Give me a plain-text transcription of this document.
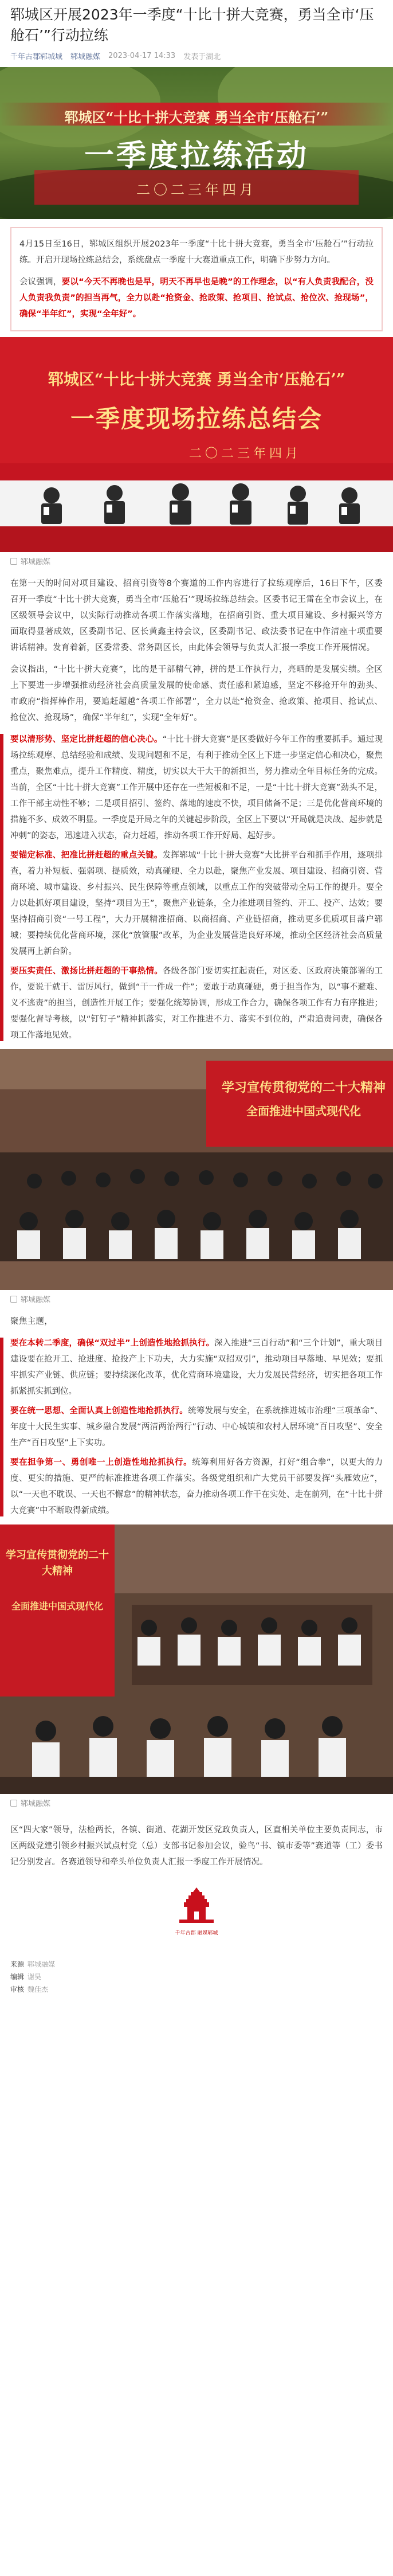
郓城区开展2023年一季度“十比十拼大竞赛，勇当全市‘压舱石’”行动拉练
千年古郡郓城城 郓城融媒 2023-04-17 14:33 发表于湖北
郓城区“十比十拼大竞赛 勇当全市‘压舱石’”
一季度拉练活动
二〇二三年四月

4月15日至16日，郓城区组织开展2023年一季度“十比十拼大竞赛，勇当全市‘压舱石’”行动拉练。开启开现场拉练总结会，系统盘点一季度十大赛道重点工作，明确下步努力方向。

会议强调，要以“今天不再晚也是早，明天不再早也是晚”的工作理念，以“有人负责我配合，没人负责我负责”的担当再气，全力以赴“抢资金、抢政策、抢项目、抢试点、抢位次、抢现场”，确保“半年红”，实现“全年好”。

郓城区“十比十拼大竞赛 勇当全市‘压舱石’”
一季度现场拉练总结会
二〇二三年四月
郓城融媒

在第一天的时间对项目建设、招商引资等8个赛道的工作内容进行了拉练观摩后，16日下午，区委召开一季度“十比十拼大竞赛，勇当全市‘压舱石’”现场拉练总结会。区委书记王雷在全市会议上，在区级领导会议中，以实际行动推动各项工作落实落地，在招商引资、重大项目建设、乡村振兴等方面取得显著成效，区委副书记、区长黄鑫主持会议，区委副书记、政法委书记在中作清座十项重要讲话精神。发育着新，区委常委、常务副区长，由此体会领导与负责人汇报一季度工作开展情况。

会议指出，“十比十拼大竞赛”，比的是干部精气神，拼的是工作执行力，亮晒的是发展实绩。全区上下要进一步增强推动经济社会高质量发展的使命感、责任感和紧迫感，坚定不移抢开年的劲头、市政府“指挥棒作用，要追赶超越“各项工作部署”，全力以赴“抢资金、抢政策、抢项目、抢试点、抢位次、抢现场”，确保“半年红”，实现“全年好”。

要以清形势、坚定比拼赶超的信心决心。“十比十拼大竞赛”是区委做好今年工作的重要抓手。通过现场拉练观摩、总结经验和成绩、发现问题和不足，有利于推动全区上下进一步坚定信心和决心，聚焦重点，聚焦难点，提升工作精度、精度，切实以大干大干的新担当，努力推动全年目标任务的完成。当前，全区“十比十拼大竞赛”工作开展中还存在一些短板和不足，一是“十比十拼大竞赛”劲头不足，工作干部主动性不够；二是项目招引、签约、落地的速度不快，项目储备不足；三是优化营商环境的措施不多、成效不明显。一季度是开局之年的关键起步阶段，全区上下要以“开局就是决战、起步就是冲刺”的姿态，迅速进入状态，奋力赶超，推动各项工作开好局、起好步。

要锚定标准、把准比拼赶超的重点关键。发挥郓城“十比十拼大竞赛”大比拼平台和抓手作用，逐项排查，着力补短板、强弱项、提质效，动真碰硬、全力以赴，聚焦产业发展、项目建设、招商引资、营商环境、城市建设、乡村振兴、民生保障等重点领域，以重点工作的突破带动全局工作的提升。要全力以赴抓好项目建设，坚持“项目为王”，聚焦产业链条，全力推进项目签约、开工、投产、达效；要坚持招商引资“一号工程”，大力开展精准招商、以商招商、产业链招商，推动更多优质项目落户郓城；要持续优化营商环境，深化“放管服”改革，为企业发展营造良好环境，推动全区经济社会高质量发展再上新台阶。

要压实责任、激扬比拼赶超的干事热情。各级各部门要切实扛起责任，对区委、区政府决策部署的工作，要说干就干、雷厉风行，做到“干一件成一件”；要敢于动真碰硬，勇于担当作为，以“事不避难、义不逃责”的担当，创造性开展工作；要强化统筹协调，形成工作合力，确保各项工作有力有序推进；要强化督导考核，以“钉钉子”精神抓落实，对工作推进不力、落实不到位的，严肃追责问责，确保各项工作落地见效。

学习宣传贯彻党的二十大精神
全面推进中国式现代化
郓城融媒

聚焦主题，

要在本转二季度，确保“双过半”上创造性地抢抓执行。深入推进“三百行动”和“三个计划”，重大项目建设要在抢开工、抢进度、抢投产上下功夫，大力实施“双招双引”，推动项目早落地、早见效；要抓牢抓实产业链、供应链；要持续深化改革，优化营商环境建设，大力发展民营经济，切实把各项工作抓紧抓实抓到位。

要在统一思想、全面认真上创造性地抢抓执行。统筹发展与安全，在系统推进城市治理“三项革命”、年度十大民生实事、城乡融合发展“两清两治两行”行动、中心城镇和农村人居环境“百日攻坚”、安全生产“百日攻坚”上下实功。

要在担争第一、勇创唯一上创造性地抢抓执行。统筹利用好各方资源，打好“组合拳”，以更大的力度、更实的措施、更严的标准推进各项工作落实。各级党组织和广大党员干部要发挥“头雁效应”，以“一天也不耽误、一天也不懈怠”的精神状态，奋力推动各项工作干在实处、走在前列，在“十比十拼大竞赛”中不断取得新成绩。

学习宣传贯彻党的二十大精神
全面推进中国式现代化
郓城融媒

区“四大家”领导，法检两长，各镇、街道、花湖开发区党政负责人，区直相关单位主要负责同志，市区两级党建引领乡村振兴试点村党（总）支部书记参加会议，验鸟“书、镇市委等”赛道等（工）委书记分别发言。各赛道领导和牵头单位负责人汇报一季度工作开展情况。

千年古郡 融媒郓城
来源 郓城融媒
编辑 谢昊
审核 魏佳杰
